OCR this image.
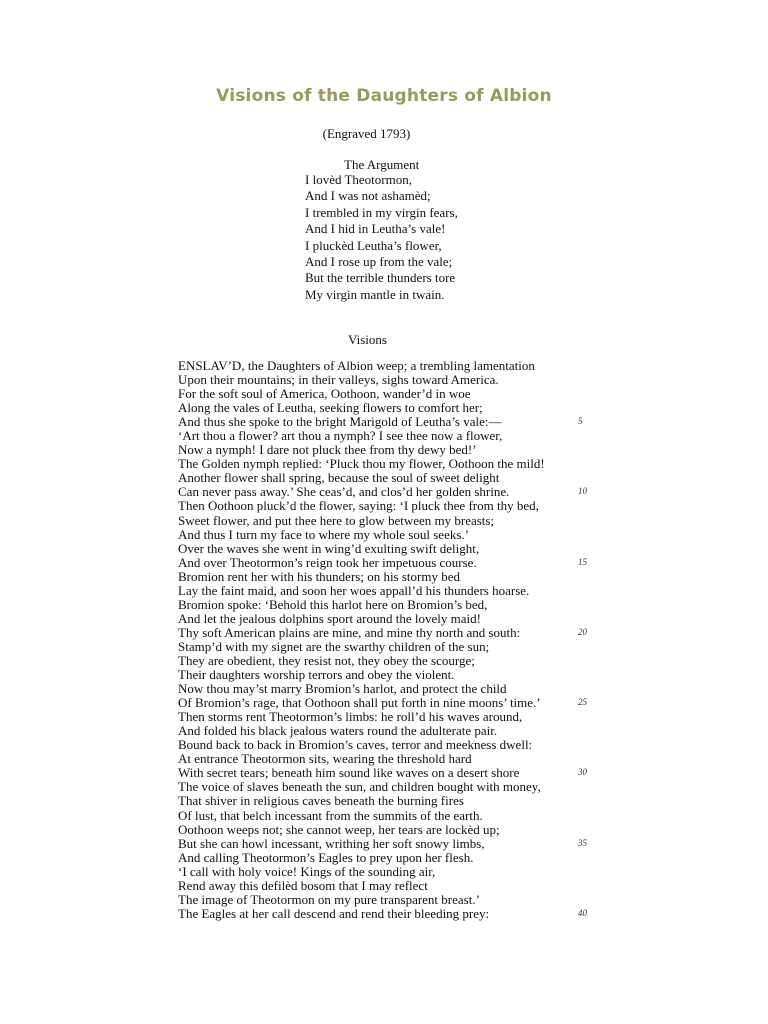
Visions of the Daughters of Albion
(Engraved 1793)
The Argument
I lovèd Theotormon,
And I was not ashamèd;
I trembled in my virgin fears,
And I hid in Leutha’s vale!
I pluckèd Leutha’s flower,
And I rose up from the vale;
But the terrible thunders tore
My virgin mantle in twain.
Visions
ENSLAV’D, the Daughters of Albion weep; a trembling lamentation
Upon their mountains; in their valleys, sighs toward America.
For the soft soul of America, Oothoon, wander’d in woe
Along the vales of Leutha, seeking flowers to comfort her;
And thus she spoke to the bright Marigold of Leutha’s vale:—	5
‘Art thou a flower? art thou a nymph? I see thee now a flower,
Now a nymph! I dare not pluck thee from thy dewy bed!’
The Golden nymph replied: ‘Pluck thou my flower, Oothoon the mild!
Another flower shall spring, because the soul of sweet delight
Can never pass away.’ She ceas’d, and clos’d her golden shrine.	10
Then Oothoon pluck’d the flower, saying: ‘I pluck thee from thy bed,
Sweet flower, and put thee here to glow between my breasts;
And thus I turn my face to where my whole soul seeks.’
Over the waves she went in wing’d exulting swift delight,
And over Theotormon’s reign took her impetuous course.	15
Bromion rent her with his thunders; on his stormy bed
Lay the faint maid, and soon her woes appall’d his thunders hoarse.
Bromion spoke: ‘Behold this harlot here on Bromion’s bed,
And let the jealous dolphins sport around the lovely maid!
Thy soft American plains are mine, and mine thy north and south:	20
Stamp’d with my signet are the swarthy children of the sun;
They are obedient, they resist not, they obey the scourge;
Their daughters worship terrors and obey the violent.
Now thou may’st marry Bromion’s harlot, and protect the child
Of Bromion’s rage, that Oothoon shall put forth in nine moons’ time.’	25
Then storms rent Theotormon’s limbs: he roll’d his waves around,
And folded his black jealous waters round the adulterate pair.
Bound back to back in Bromion’s caves, terror and meekness dwell:
At entrance Theotormon sits, wearing the threshold hard
With secret tears; beneath him sound like waves on a desert shore	30
The voice of slaves beneath the sun, and children bought with money,
That shiver in religious caves beneath the burning fires
Of lust, that belch incessant from the summits of the earth.
Oothoon weeps not; she cannot weep, her tears are lockèd up;
But she can howl incessant, writhing her soft snowy limbs,	35
And calling Theotormon’s Eagles to prey upon her flesh.
‘I call with holy voice! Kings of the sounding air,
Rend away this defilèd bosom that I may reflect
The image of Theotormon on my pure transparent breast.’
The Eagles at her call descend and rend their bleeding prey:	40
